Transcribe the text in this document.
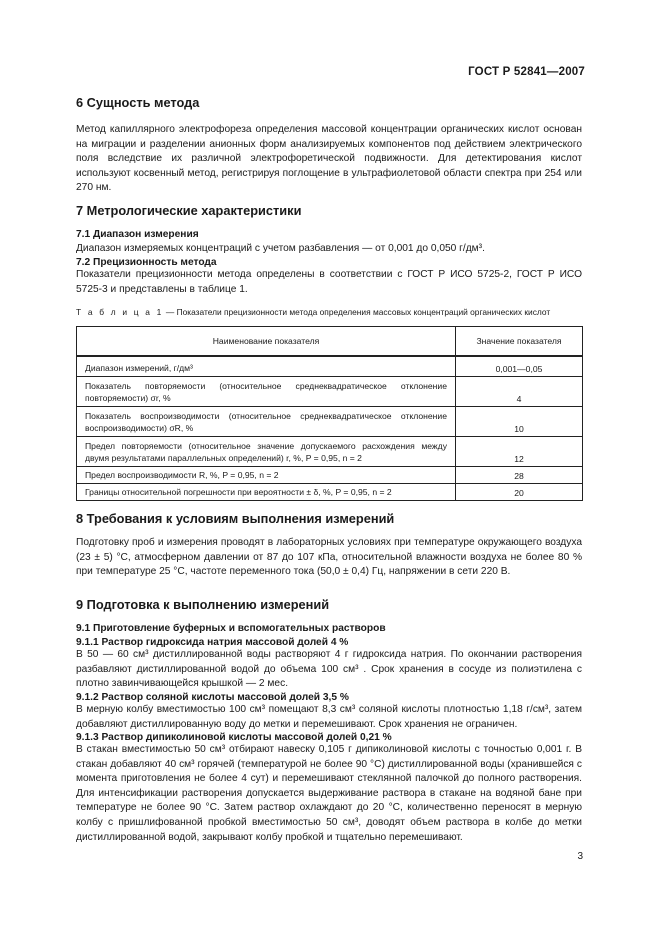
ГОСТ Р 52841—2007
6 Сущность метода
Метод капиллярного электрофореза определения массовой концентрации органических кислот основан на миграции и разделении анионных форм анализируемых компонентов под действием электрического поля вследствие их различной электрофоретической подвижности. Для детектирования кислот используют косвенный метод, регистрируя поглощение в ультрафиолетовой области спектра при 254 или 270 нм.
7 Метрологические характеристики
7.1 Диапазон измерения
Диапазон измеряемых концентраций с учетом разбавления — от 0,001 до 0,050 г/дм³.
7.2 Прецизионность метода
Показатели прецизионности метода определены в соответствии с ГОСТ Р ИСО 5725-2, ГОСТ Р ИСО 5725-3 и представлены в таблице 1.
Т а б л и ц а 1 — Показатели прецизионности метода определения массовых концентраций органических кислот
Наименование показателя	Значение показателя
Диапазон измерений, г/дм³	0,001—0,05
Показатель повторяемости (относительное среднеквадратическое отклонение повторяемости) σr, %	4
Показатель воспроизводимости (относительное среднеквадратическое отклонение воспроизводимости) σR, %	10
Предел повторяемости (относительное значение допускаемого расхождения между двумя результатами параллельных определений) r, %, P = 0,95, n = 2	12
Предел воспроизводимости R, %, P = 0,95, n = 2	28
Границы относительной погрешности при вероятности ± δ, %, P = 0,95, n = 2	20
8 Требования к условиям выполнения измерений
Подготовку проб и измерения проводят в лабораторных условиях при температуре окружающего воздуха (23 ± 5) °С, атмосферном давлении от 87 до 107 кПа, относительной влажности воздуха не более 80 % при температуре 25 °С, частоте переменного тока (50,0 ± 0,4) Гц, напряжении в сети 220 В.
9 Подготовка к выполнению измерений
9.1 Приготовление буферных и вспомогательных растворов
9.1.1 Раствор гидроксида натрия массовой долей 4 %
В 50 — 60 см³ дистиллированной воды растворяют 4 г гидроксида натрия. По окончании растворения разбавляют дистиллированной водой до объема 100 см³ . Срок хранения в сосуде из полиэтилена с плотно завинчивающейся крышкой — 2 мес.
9.1.2 Раствор соляной кислоты массовой долей 3,5 %
В мерную колбу вместимостью 100 см³ помещают 8,3 см³ соляной кислоты плотностью 1,18 г/см³, затем добавляют дистиллированную воду до метки и перемешивают. Срок хранения не ограничен.
9.1.3 Раствор дипиколиновой кислоты массовой долей 0,21 %
В стакан вместимостью 50 см³ отбирают навеску 0,105 г дипиколиновой кислоты с точностью 0,001 г. В стакан добавляют 40 см³ горячей (температурой не более 90 °С) дистиллированной воды (хранившейся с момента приготовления не более 4 сут) и перемешивают стеклянной палочкой до полного растворения. Для интенсификации растворения допускается выдерживание раствора в стакане на водяной бане при температуре не более 90 °С. Затем раствор охлаждают до 20 °С, количественно переносят в мерную колбу с пришлифованной пробкой вместимостью 50 см³, доводят объем раствора в колбе до метки дистиллированной водой, закрывают колбу пробкой и тщательно перемешивают.
3
